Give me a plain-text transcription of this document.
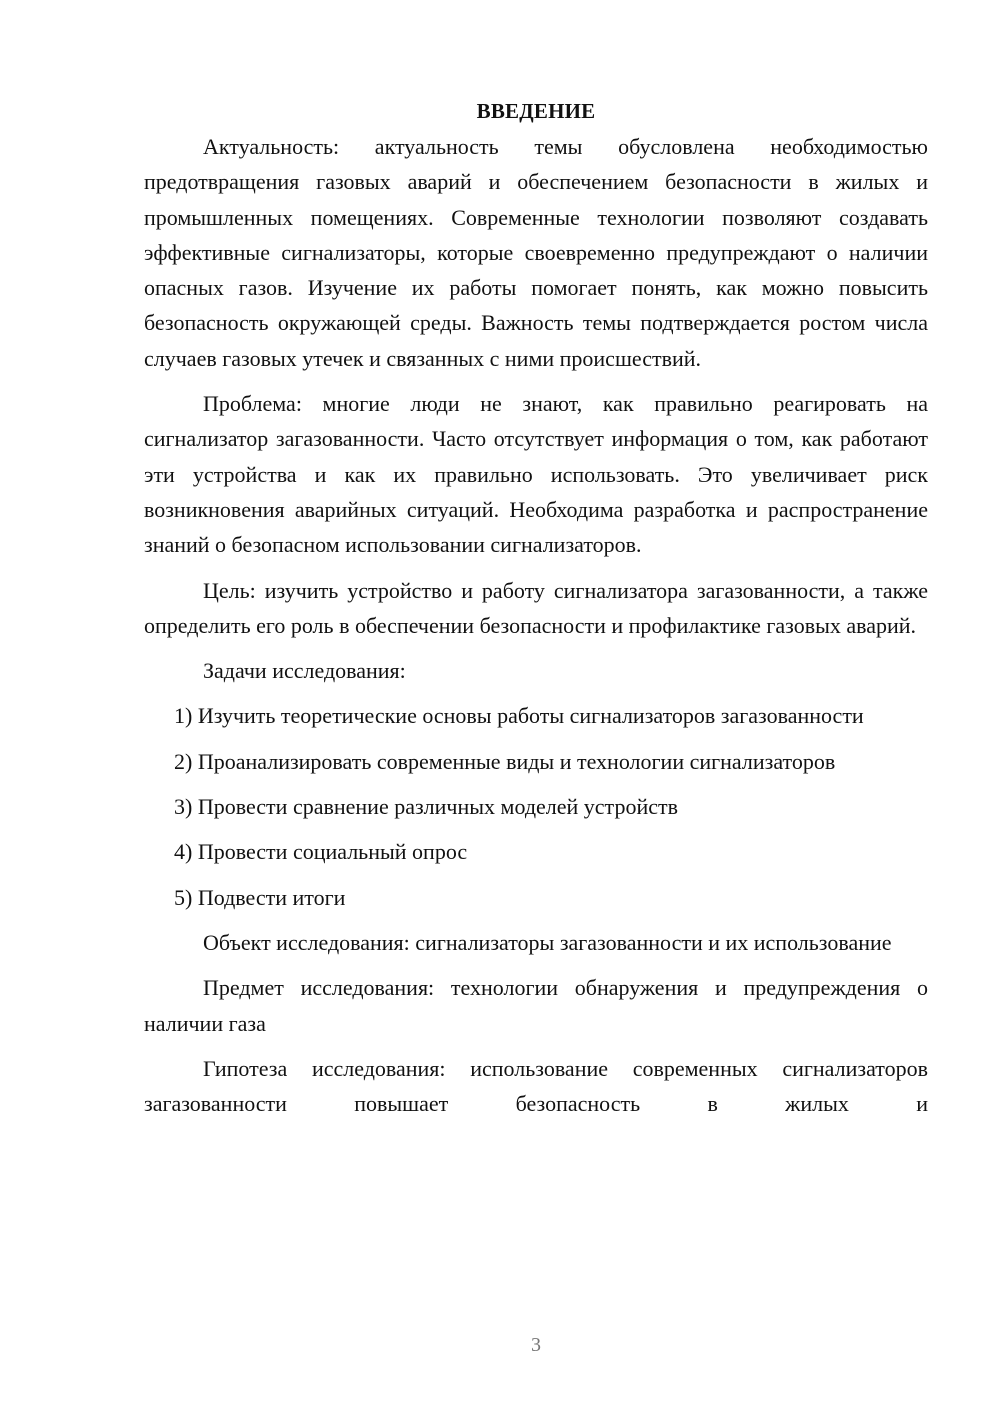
ВВЕДЕНИЕ

Актуальность: актуальность темы обусловлена необходимостью предотвращения газовых аварий и обеспечением безопасности в жилых и промышленных помещениях. Современные технологии позволяют создавать эффективные сигнализаторы, которые своевременно предупреждают о наличии опасных газов. Изучение их работы помогает понять, как можно повысить безопасность окружающей среды. Важность темы подтверждается ростом числа случаев газовых утечек и связанных с ними происшествий.

Проблема: многие люди не знают, как правильно реагировать на сигнализатор загазованности. Часто отсутствует информация о том, как работают эти устройства и как их правильно использовать. Это увеличивает риск возникновения аварийных ситуаций. Необходима разработка и распространение знаний о безопасном использовании сигнализаторов.

Цель: изучить устройство и работу сигнализатора загазованности, а также определить его роль в обеспечении безопасности и профилактике газовых аварий.

Задачи исследования:

1) Изучить теоретические основы работы сигнализаторов загазованности

2) Проанализировать современные виды и технологии сигнализаторов

3) Провести сравнение различных моделей устройств

4) Провести социальный опрос

5) Подвести итоги

Объект исследования: сигнализаторы загазованности и их использование

Предмет исследования: технологии обнаружения и предупреждения о наличии газа

Гипотеза исследования: использование современных сигнализаторов загазованности повышает безопасность в жилых и

3
